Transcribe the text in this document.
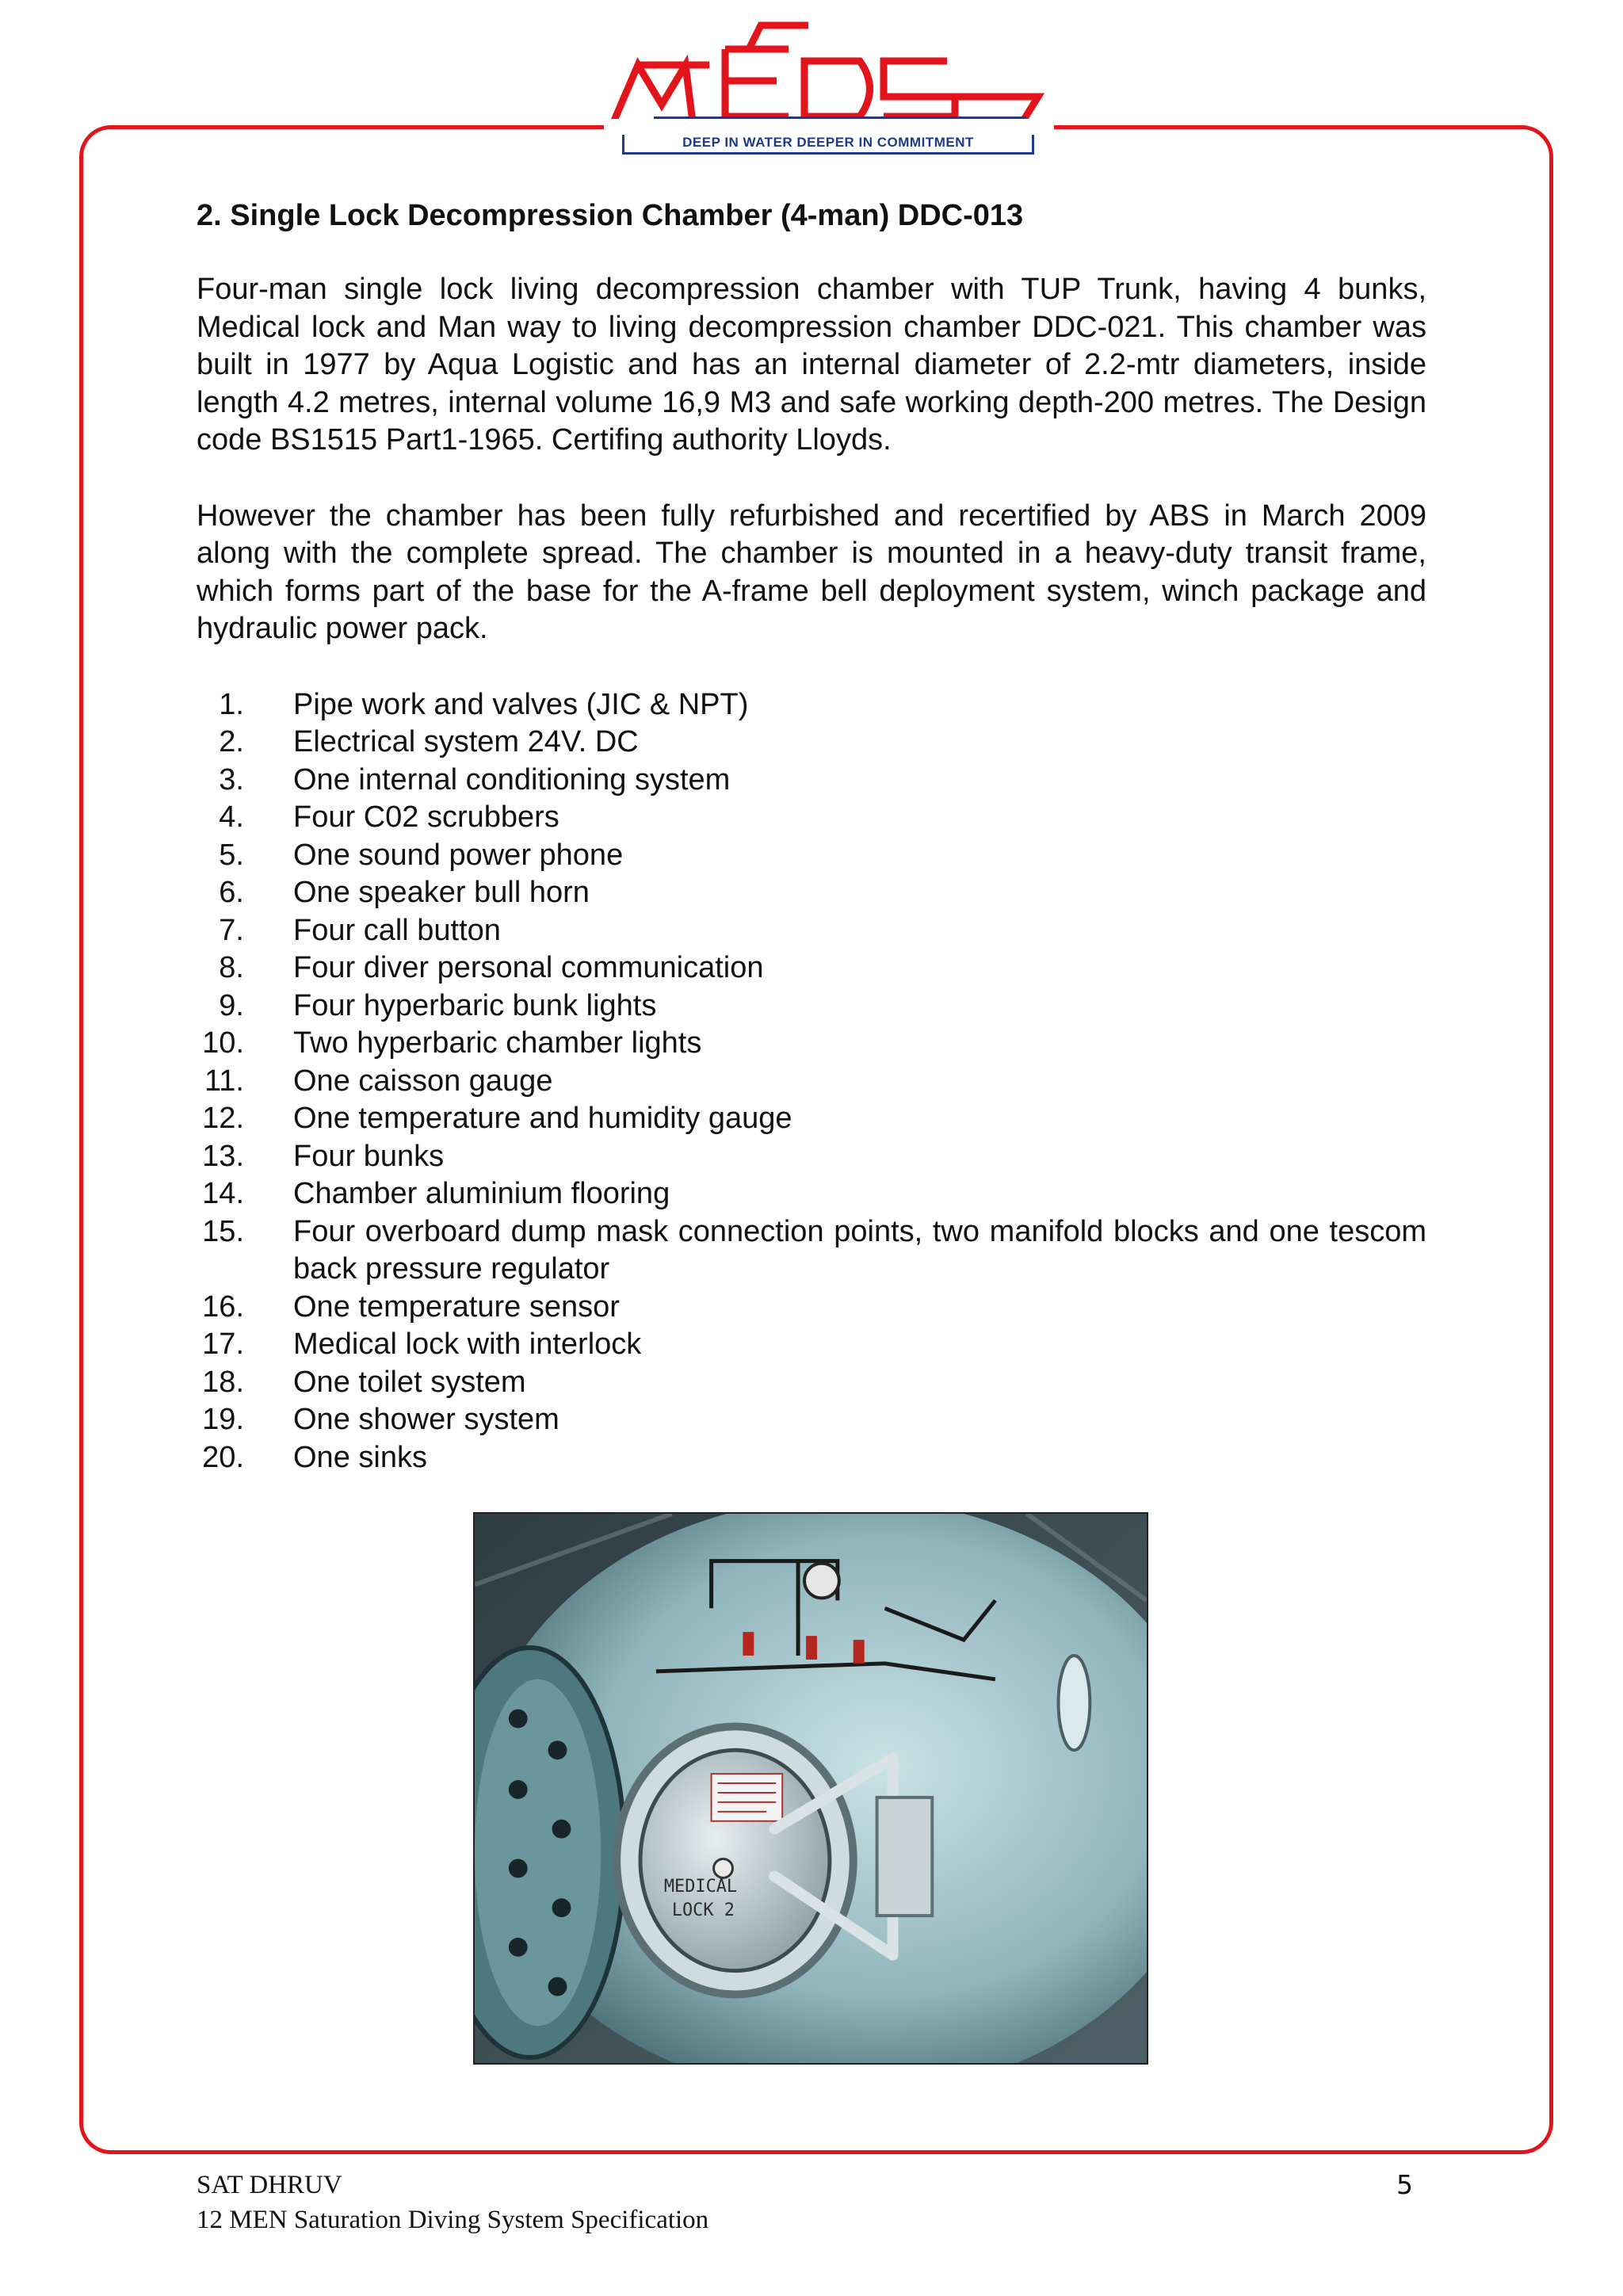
DEEP IN WATER DEEPER IN COMMITMENT
2. Single Lock Decompression Chamber (4-man) DDC-013

Four-man single lock living decompression chamber with TUP Trunk, having 4 bunks, Medical lock and Man way to living decompression chamber DDC-021. This chamber was built in 1977 by Aqua Logistic and has an internal diameter of 2.2-mtr diameters, inside length 4.2 metres, internal volume 16,9 M3 and safe working depth-200 metres. The Design code BS1515 Part1-1965. Certifing authority Lloyds.

However the chamber has been fully refurbished and recertified by ABS in March 2009 along with the complete spread. The chamber is mounted in a heavy-duty transit frame, which forms part of the base for the A-frame bell deployment system, winch package and hydraulic power pack.

1.	Pipe work and valves (JIC & NPT)
2.	Electrical system 24V. DC
3.	One internal conditioning system
4.	Four C02 scrubbers
5.	One sound power phone
6.	One speaker bull horn
7.	Four call button
8.	Four diver personal communication
9.	Four hyperbaric bunk lights
10.	Two hyperbaric chamber lights
11.	One caisson gauge
12.	One temperature and humidity gauge
13.	Four bunks
14.	Chamber aluminium flooring
15.	Four overboard dump mask connection points, two manifold blocks and one tescom back pressure regulator
16.	One temperature sensor
17.	Medical lock with interlock
18.	One toilet system
19.	One shower system
20.	One sinks
MEDICAL
LOCK 2
SAT DHRUV
12 MEN Saturation Diving System Specification
5
